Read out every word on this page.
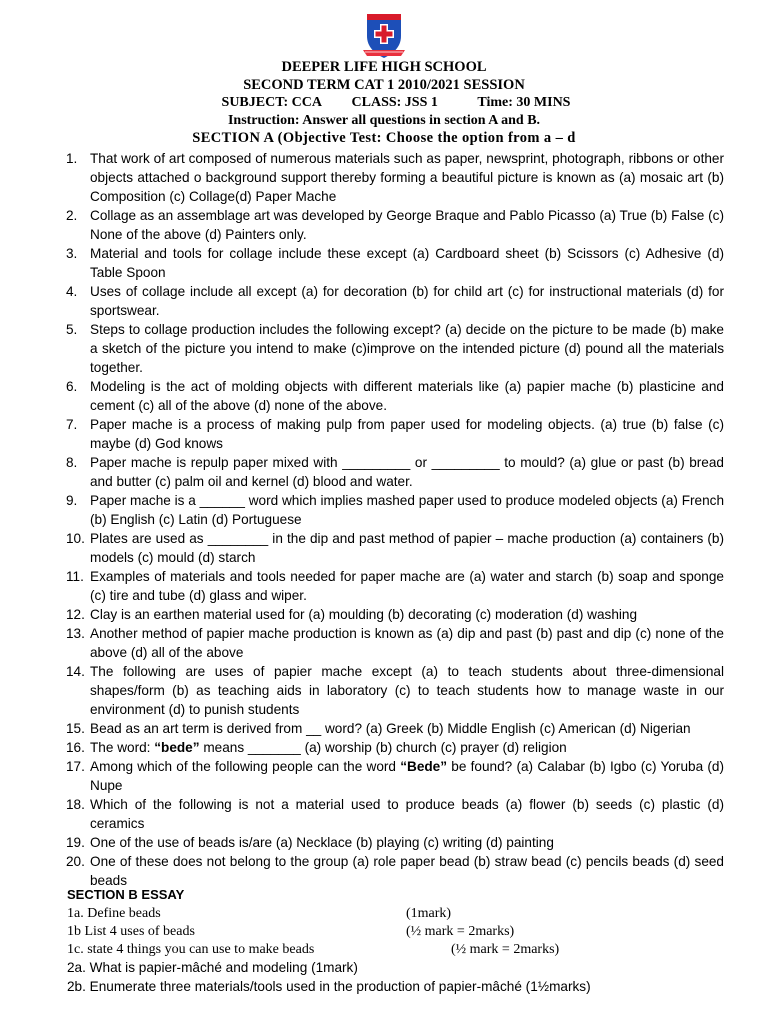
DEEPER LIFE HIGH SCHOOL
SECOND TERM CAT 1 2010/2021 SESSION
SUBJECT: CCA CLASS: JSS 1	Time: 30 MINS
Instruction: Answer all questions in section A and B.
SECTION A (Objective Test: Choose the option from a – d
1. That work of art composed of numerous materials such as paper, newsprint, photograph, ribbons or other objects attached o background support thereby forming a beautiful picture is known as (a) mosaic art (b) Composition (c) Collage(d) Paper Mache
2. Collage as an assemblage art was developed by George Braque and Pablo Picasso (a) True (b) False (c) None of the above (d) Painters only.
3. Material and tools for collage include these except (a) Cardboard sheet (b) Scissors (c) Adhesive (d) Table Spoon
4. Uses of collage include all except (a) for decoration (b) for child art (c) for instructional materials (d) for sportswear.
5. Steps to collage production includes the following except? (a) decide on the picture to be made (b) make a sketch of the picture you intend to make (c)improve on the intended picture (d) pound all the materials together.
6. Modeling is the act of molding objects with different materials like (a) papier mache (b) plasticine and cement (c) all of the above (d) none of the above.
7. Paper mache is a process of making pulp from paper used for modeling objects. (a) true (b) false (c) maybe (d) God knows
8. Paper mache is repulp paper mixed with _________ or _________ to mould? (a) glue or past (b) bread and butter (c) palm oil and kernel (d) blood and water.
9. Paper mache is a ______ word which implies mashed paper used to produce modeled objects (a) French (b) English (c) Latin (d) Portuguese
10. Plates are used as ________ in the dip and past method of papier – mache production (a) containers (b) models (c) mould (d) starch
11. Examples of materials and tools needed for paper mache are (a) water and starch (b) soap and sponge (c) tire and tube (d) glass and wiper.
12. Clay is an earthen material used for (a) moulding (b) decorating (c) moderation (d) washing
13. Another method of papier mache production is known as (a) dip and past (b) past and dip (c) none of the above (d) all of the above
14. The following are uses of papier mache except (a) to teach students about three-dimensional shapes/form (b) as teaching aids in laboratory (c) to teach students how to manage waste in our environment (d) to punish students
15. Bead as an art term is derived from __ word? (a) Greek (b) Middle English (c) American (d) Nigerian
16. The word: “bede” means _______ (a) worship (b) church (c) prayer (d) religion
17. Among which of the following people can the word “Bede” be found? (a) Calabar (b) Igbo (c) Yoruba (d) Nupe
18. Which of the following is not a material used to produce beads (a) flower (b) seeds (c) plastic (d) ceramics
19. One of the use of beads is/are (a) Necklace (b) playing (c) writing (d) painting
20. One of these does not belong to the group (a) role paper bead (b) straw bead (c) pencils beads (d) seed beads
SECTION B ESSAY
1a. Define beads	(1mark)
1b List 4 uses of beads	(½ mark = 2marks)
1c. state 4 things you can use to make beads	(½ mark = 2marks)
2a. What is papier-mâché and modeling (1mark)
2b. Enumerate three materials/tools used in the production of papier-mâché (1½marks)
